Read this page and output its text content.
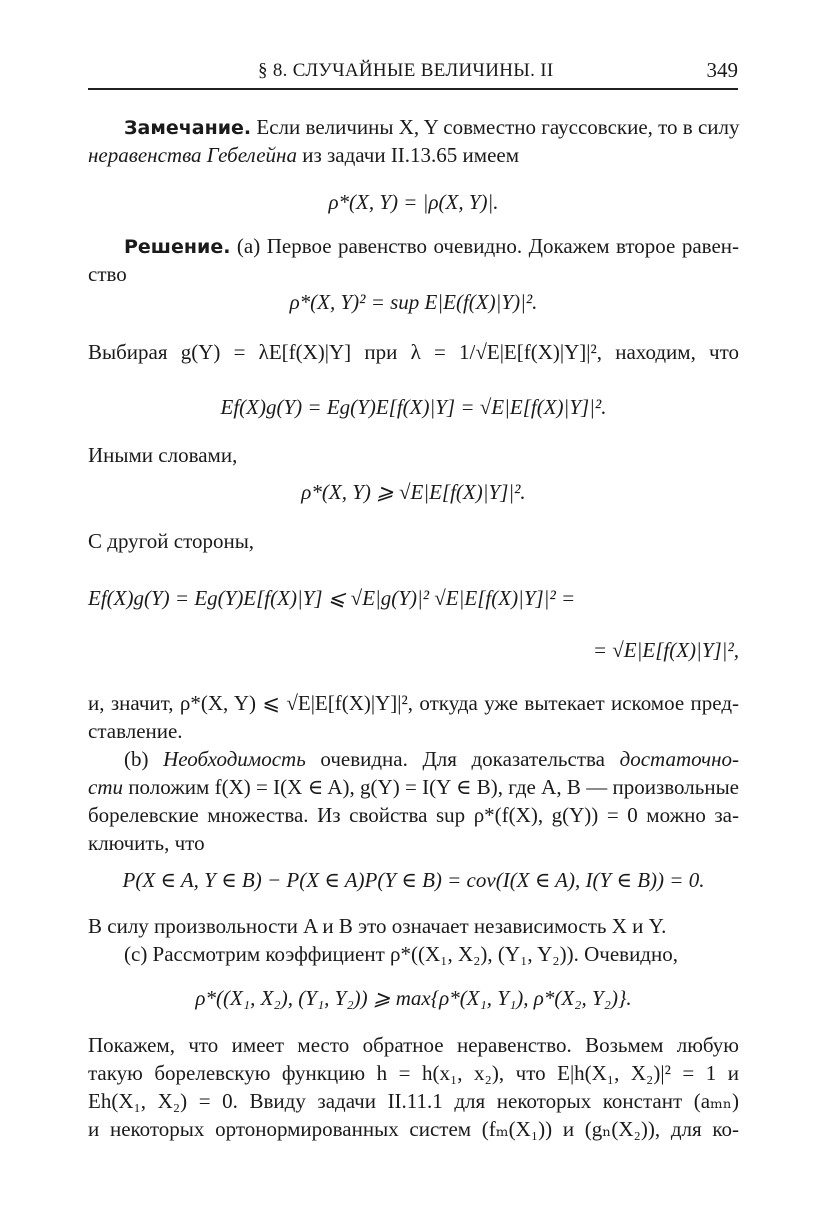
§ 8. СЛУЧАЙНЫЕ ВЕЛИЧИНЫ. II	349
Замечание. Если величины X, Y совместно гауссовские, то в силу
неравенства Гебелейна из задачи II.13.65 имеем
ρ*(X, Y) = |ρ(X, Y)|.
Решение. (a) Первое равенство очевидно. Докажем второе равен-
ство
ρ*(X, Y)² = sup E|E(f(X)|Y)|².
Выбирая g(Y) = λE[f(X)|Y] при λ = 1/√E|E[f(X)|Y]|², находим, что
Ef(X)g(Y) = Eg(Y)E[f(X)|Y] = √E|E[f(X)|Y]|².
Иными словами,
ρ*(X, Y) ⩾ √E|E[f(X)|Y]|².
С другой стороны,
Ef(X)g(Y) = Eg(Y)E[f(X)|Y] ⩽ √E|g(Y)|² √E|E[f(X)|Y]|² =
= √E|E[f(X)|Y]|²,
и, значит, ρ*(X, Y) ⩽ √E|E[f(X)|Y]|², откуда уже вытекает искомое пред-
ставление.
(b) Необходимость очевидна. Для доказательства достаточно-
сти положим f(X) = I(X ∈ A), g(Y) = I(Y ∈ B), где A, B — произвольные
борелевские множества. Из свойства sup ρ*(f(X), g(Y)) = 0 можно за-
ключить, что
P(X ∈ A, Y ∈ B) − P(X ∈ A)P(Y ∈ B) = cov(I(X ∈ A), I(Y ∈ B)) = 0.
В силу произвольности A и B это означает независимость X и Y.
(c) Рассмотрим коэффициент ρ*((X₁, X₂), (Y₁, Y₂)). Очевидно,
ρ*((X₁, X₂), (Y₁, Y₂)) ⩾ max{ρ*(X₁, Y₁), ρ*(X₂, Y₂)}.
Покажем, что имеет место обратное неравенство. Возьмем любую
такую борелевскую функцию h = h(x₁, x₂), что E|h(X₁, X₂)|² = 1 и
Eh(X₁, X₂) = 0. Ввиду задачи II.11.1 для некоторых констант (aₘₙ)
и некоторых ортонормированных систем (fₘ(X₁)) и (gₙ(X₂)), для ко-
